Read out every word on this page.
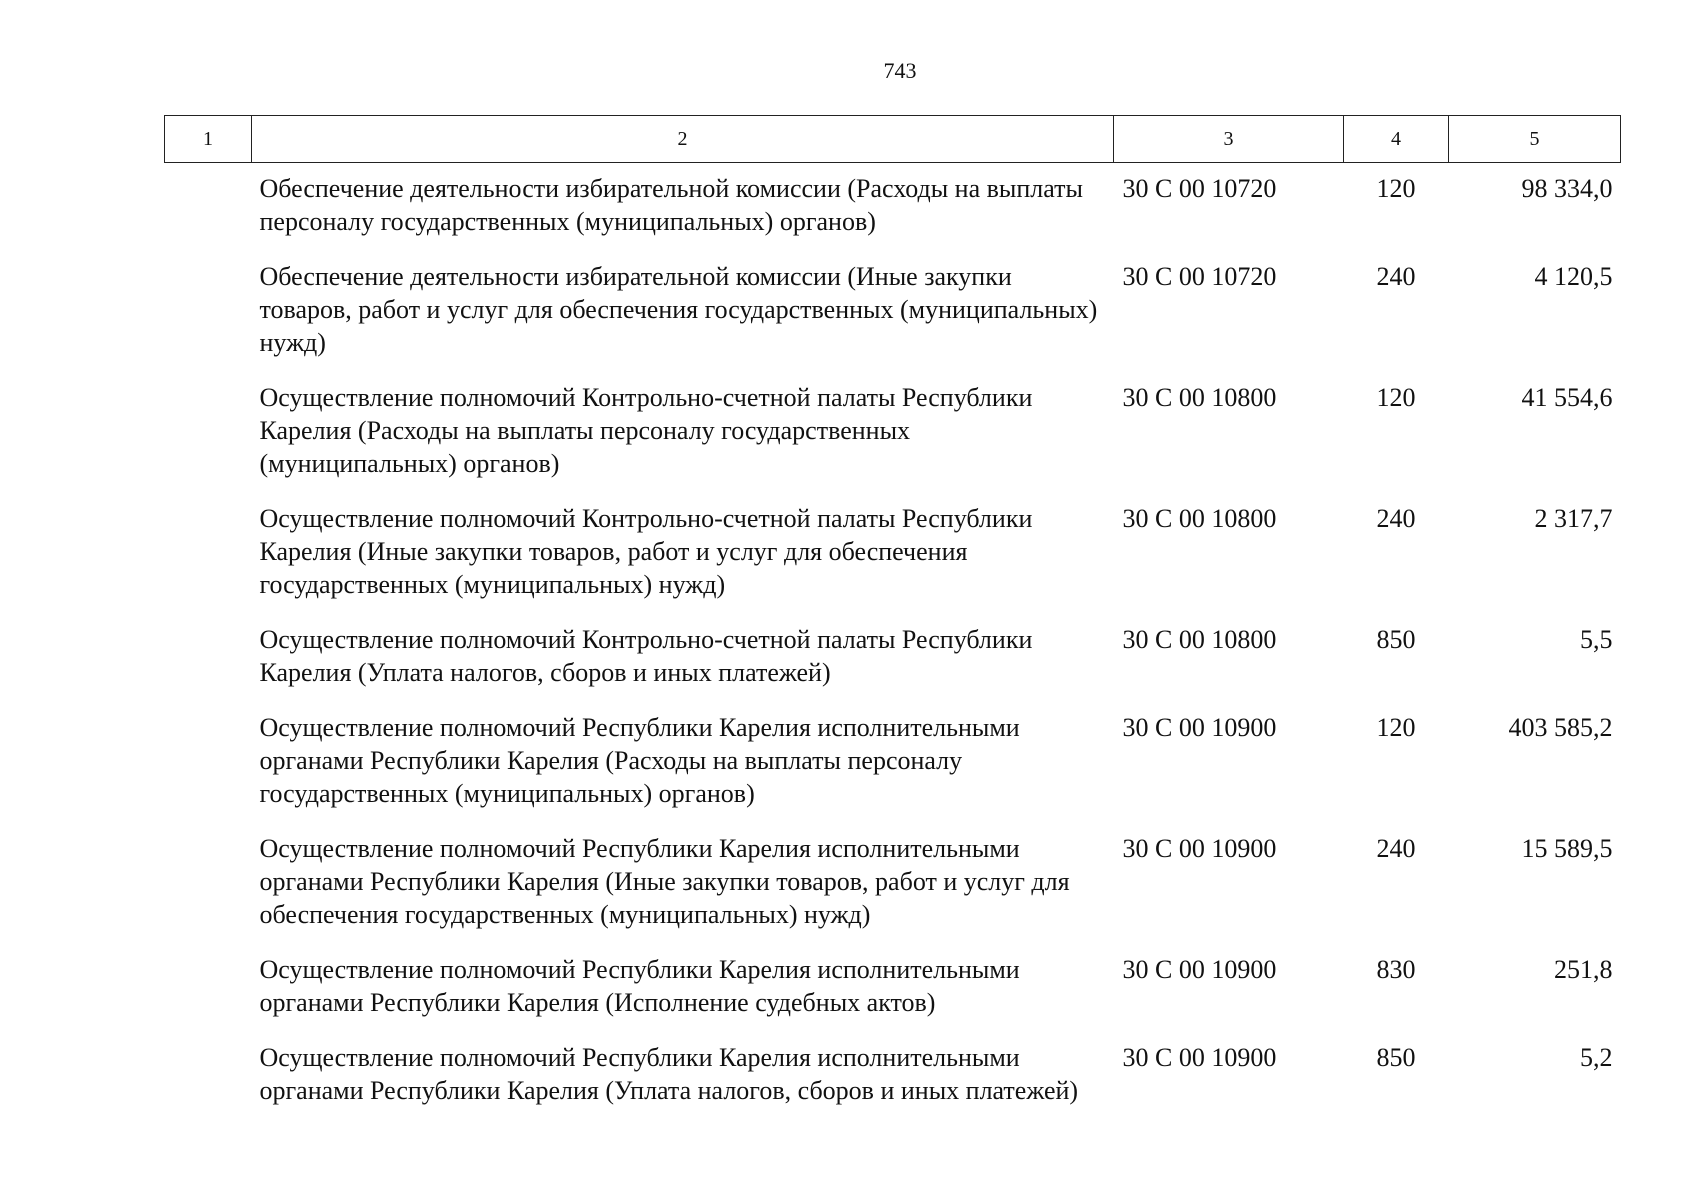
743
1	2	3	4	5
	Обеспечение деятельности избирательной комиссии (Расходы на выплаты персоналу государственных (муниципальных) органов)	30 С 00 10720	120	98 334,0
	Обеспечение деятельности избирательной комиссии (Иные закупки товаров, работ и услуг для обеспечения государственных (муниципальных) нужд)	30 С 00 10720	240	4 120,5
	Осуществление полномочий Контрольно-счетной палаты Республики Карелия (Расходы на выплаты персоналу государственных (муниципальных) органов)	30 С 00 10800	120	41 554,6
	Осуществление полномочий Контрольно-счетной палаты Республики Карелия (Иные закупки товаров, работ и услуг для обеспечения государственных (муниципальных) нужд)	30 С 00 10800	240	2 317,7
	Осуществление полномочий Контрольно-счетной палаты Республики Карелия (Уплата налогов, сборов и иных платежей)	30 С 00 10800	850	5,5
	Осуществление полномочий Республики Карелия исполнительными органами Республики Карелия (Расходы на выплаты персоналу государственных (муниципальных) органов)	30 С 00 10900	120	403 585,2
	Осуществление полномочий Республики Карелия исполнительными органами Республики Карелия (Иные закупки товаров, работ и услуг для обеспечения государственных (муниципальных) нужд)	30 С 00 10900	240	15 589,5
	Осуществление полномочий Республики Карелия исполнительными органами Республики Карелия (Исполнение судебных актов)	30 С 00 10900	830	251,8
	Осуществление полномочий Республики Карелия исполнительными органами Республики Карелия (Уплата налогов, сборов и иных платежей)	30 С 00 10900	850	5,2
